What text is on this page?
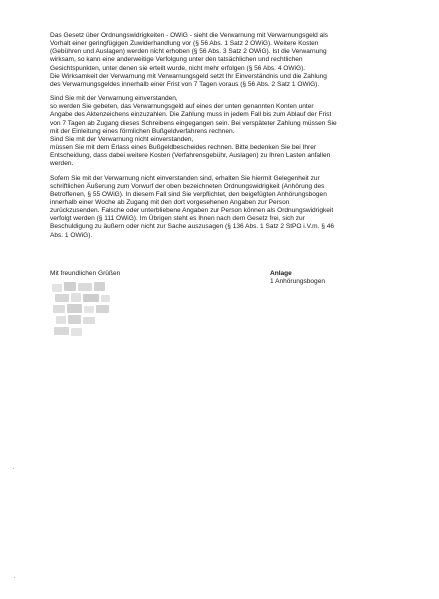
Das Gesetz über Ordnungswidrigkeiten - OWiG - sieht die Verwarnung mit Verwarnungsgeld als
Vorhalt einer geringfügigen Zuwiderhandlung vor (§ 56 Abs. 1 Satz 2 OWiG). Weitere Kosten
(Gebühren und Auslagen) werden nicht erhoben (§ 56 Abs. 3 Satz 2 OWiG). Ist die Verwarnung
wirksam, so kann eine anderweitige Verfolgung unter den tatsächlichen und rechtlichen
Gesichtspunkten, unter denen sie erteilt wurde, nicht mehr erfolgen (§ 56 Abs. 4 OWiG).
Die Wirksamkeit der Verwarnung mit Verwarnungsgeld setzt Ihr Einverständnis und die Zahlung
des Verwarnungsgeldes innerhalb einer Frist von 7 Tagen voraus (§ 56 Abs. 2 Satz 1 OWiG).

Sind Sie mit der Verwarnung einverstanden,
so werden Sie gebeten, das Verwarnungsgeld auf eines der unten genannten Konten unter
Angabe des Aktenzeichens einzuzahlen. Die Zahlung muss in jedem Fall bis zum Ablauf der Frist
von 7 Tagen ab Zugang dieses Schreibens eingegangen sein. Bei verspäteter Zahlung müssen Sie
mit der Einleitung eines förmlichen Bußgeldverfahrens rechnen.
Sind Sie mit der Verwarnung nicht einverstanden,
müssen Sie mit dem Erlass eines Bußgeldbescheides rechnen. Bitte bedenken Sie bei Ihrer
Entscheidung, dass dabei weitere Kosten (Verfahrensgebühr, Auslagen) zu Ihren Lasten anfallen
werden.

Sofern Sie mit der Verwarnung nicht einverstanden sind, erhalten Sie hiermit Gelegenheit zur
schriftlichen Äußerung zum Vorwurf der oben bezeichneten Ordnungswidrigkeit (Anhörung des
Betroffenen, § 55 OWiG). In diesem Fall sind Sie verpflichtet, den beigefügten Anhörungsbogen
innerhalb einer Woche ab Zugang mit den dort vorgesehenen Angaben zur Person
zurückzusenden. Falsche oder unterbliebene Angaben zur Person können als Ordnungswidrigkeit
verfolgt werden (§ 111 OWiG). Im Übrigen steht es Ihnen nach dem Gesetz frei, sich zur
Beschuldigung zu äußern oder nicht zur Sache auszusagen (§ 136 Abs. 1 Satz 2 StPO i.V.m. § 46
Abs. 1 OWiG).

Mit freundlichen Grüßen	Anlage
1 Anhörungsbogen
